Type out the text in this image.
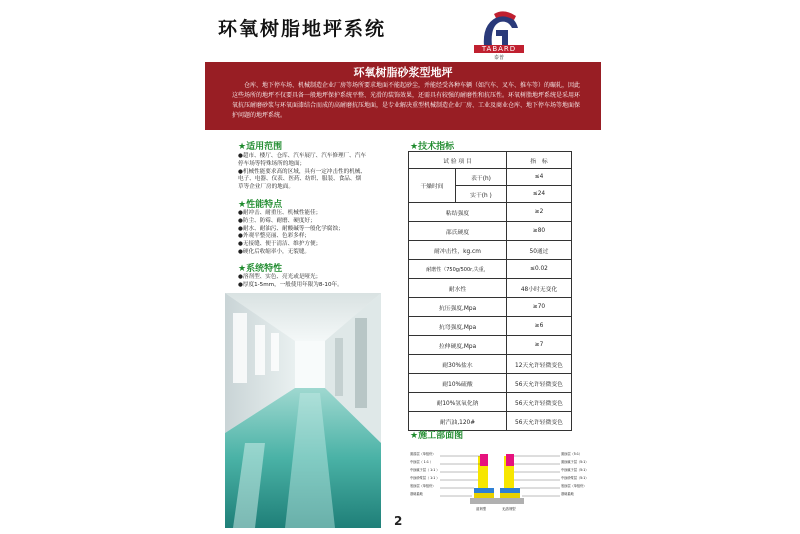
环氧树脂地坪系统
TABARD
泰普
环氧树脂砂浆型地坪
仓库、地下停车场、机械制造企业厂房等场所要求地面不能起砂尘，并能经受各种车辆（如汽车、叉车、推车等）的碾轧，因此这些场所的地坪不仅要具备一般地坪保护系统平整、光滑的装饰效果，还需具有较强的耐磨性和抗压性。环氧树脂地坪系统是采用环氧抗压耐磨砂浆与环氧面漆结合而成的高耐磨抗压地面，是专业解决重型机械制造企业厂房、工业及商业仓库、地下停车场等地面保护问题的地坪系统。
★适用范围
●超市、楼厅、仓库、汽车展厅、汽车修理厂、汽车
停车场等特殊场所的地面；
●机械性能要求高的区域，具有一定冲击性的机械、
电子、电器、仪表、医药、纺织、服装、食品、烟
草等企业厂房的地面。
★性能特点
●耐冲击、耐重压、机械性能佳；
●防尘、防霉、耐磨、硬度好；
●耐水、耐油污、耐酸碱等一般化学腐蚀；
●外观平整亮丽、色彩多样；
●无接缝、便于清洁、维护方便；
●硬化后收缩率小，无裂缝。
★系统特性
●溶剂型、实色、亮光或是哑光；
●厚度1-5mm，一般使用年限为8-10年。
★技术指标
试 验 项 目		指　标
干燥时间	表干(h)	≤4
	实干(h )	≤24
粘结强度		≥2
邵氏硬度		≥80
耐冲击性，kg.cm		50通过
耐磨性（750g/500r,失重，		≤0.02
耐水性		48小时无变化
抗压强度,Mpa		≥70
抗弯强度,Mpa		≥6
拉伸硬度,Mpa		≥7
耐30%盐水		12天允许轻微变色
耐10%硫酸		56天允许轻微变色
耐10%氢氧化钠		56天允许轻微变色
耐汽油,120#		56天允许轻微变色
★施工部面图
面漆层（单组份）
中涂层（ 1:1 ）
中涂腻子层（ 1:1 ）
中涂砂浆层（ 1:1 ）
底涂层（单组份）
基础素地
面涂层（5:1）
面涂腻子层（5:1）
中涂腻子层（5:1）
中涂砂浆层（5:1）
底涂层（单组份）
基础素地
溶剂型	无溶剂型
2
